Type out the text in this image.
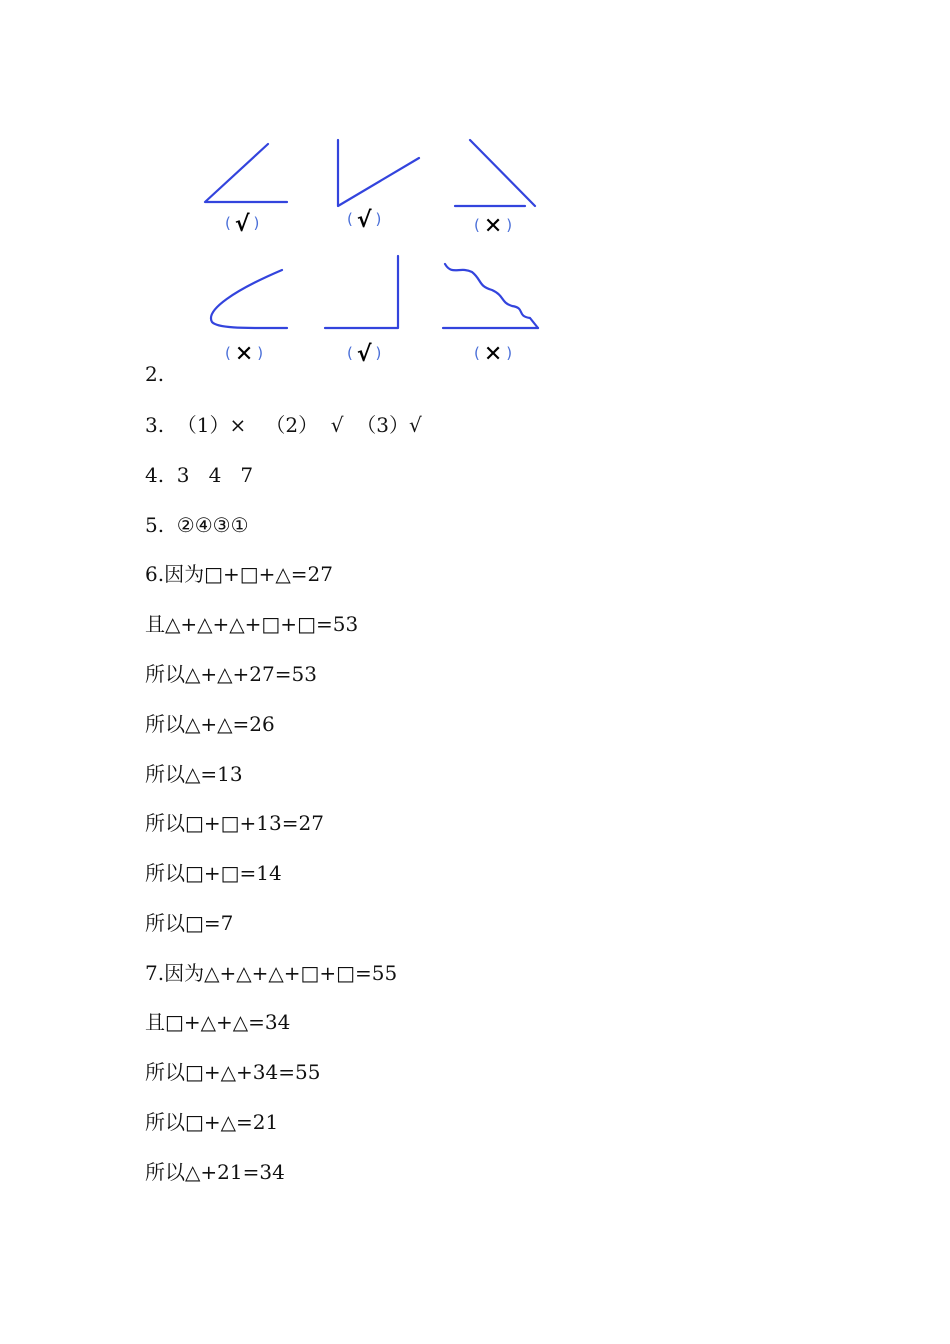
( √ )	( √ )	( ✕ )
( ✕ )	( √ )	( ✕ )
2.
3.  （1）×   （2）  √  （3）√
4.  3   4   7
5.  ②④③①
6.因为□+□+△=27
且△+△+△+□+□=53
所以△+△+27=53
所以△+△=26
所以△=13
所以□+□+13=27
所以□+□=14
所以□=7
7.因为△+△+△+□+□=55
且□+△+△=34
所以□+△+34=55
所以□+△=21
所以△+21=34
